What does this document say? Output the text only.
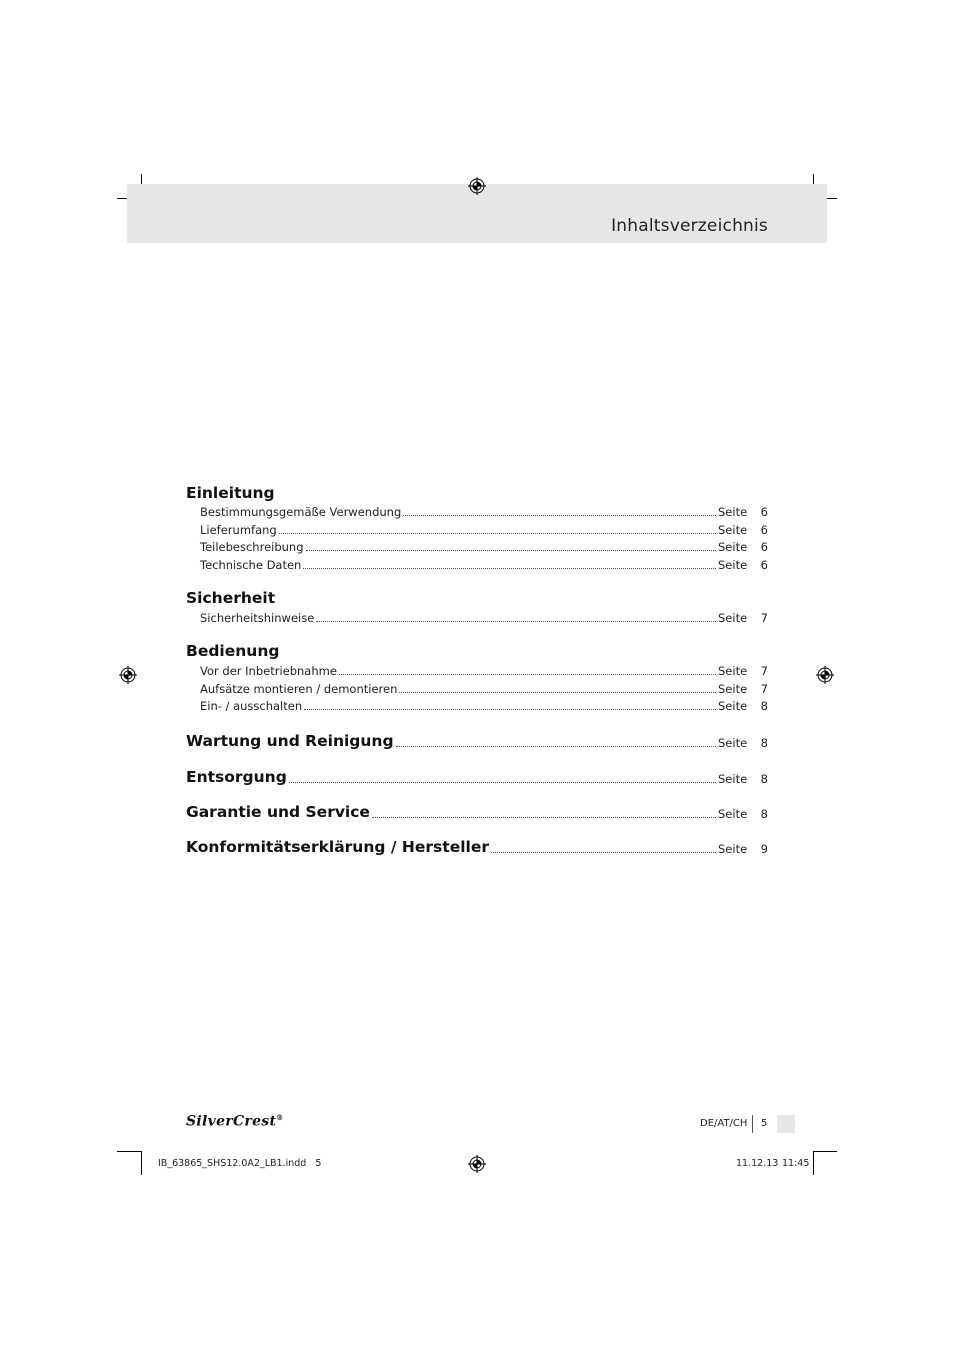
Inhaltsverzeichnis
Einleitung
Bestimmungsgemäße Verwendung	Seite	6
Lieferumfang	Seite	6
Teilebeschreibung	Seite	6
Technische Daten	Seite	6
Sicherheit
Sicherheitshinweise	Seite	7
Bedienung
Vor der Inbetriebnahme	Seite	7
Aufsätze montieren / demontieren	Seite	7
Ein- / ausschalten	Seite	8
Wartung und Reinigung	Seite	8
Entsorgung	Seite	8
Garantie und Service	Seite	8
Konformitätserklärung / Hersteller	Seite	9
SilverCrest®
DE/AT/CH 5
IB_63865_SHS12.0A2_LB1.indd   5	11.12.13 11:45
